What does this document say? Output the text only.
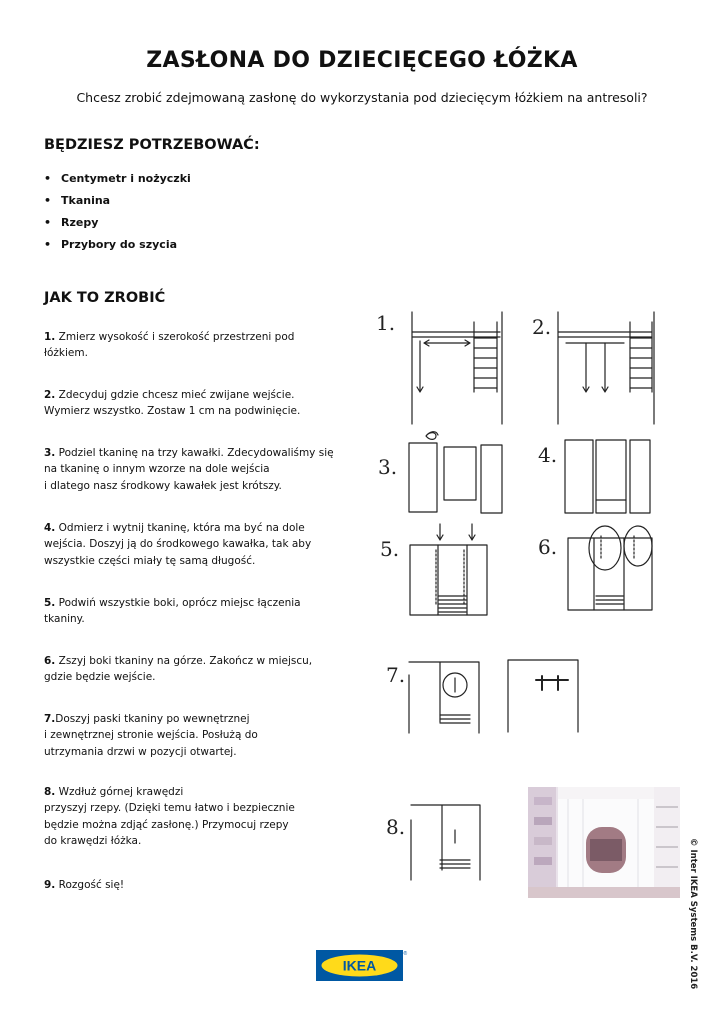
ZASŁONA DO DZIECIĘCEGO ŁÓŻKA

Chcesz zrobić zdejmowaną zasłonę do wykorzystania pod dziecięcym łóżkiem na antresoli?

BĘDZIESZ POTRZEBOWAĆ:
• Centymetr i nożyczki
• Tkanina
• Rzepy
• Przybory do szycia
JAK TO ZROBIĆ
1. Zmierz wysokość i szerokość przestrzeni pod
łóżkiem.
2. Zdecyduj gdzie chcesz mieć zwijane wejście.
Wymierz wszystko. Zostaw 1 cm na podwinięcie.
3. Podziel tkaninę na trzy kawałki. Zdecydowaliśmy się
na tkaninę o innym wzorze na dole wejścia
i dlatego nasz środkowy kawałek jest krótszy.
4. Odmierz i wytnij tkaninę, która ma być na dole
wejścia. Doszyj ją do środkowego kawałka, tak aby
wszystkie części miały tę samą długość.
5. Podwiń wszystkie boki, oprócz miejsc łączenia
tkaniny.
6. Zszyj boki tkaniny na górze. Zakończ w miejscu,
gdzie będzie wejście.
7.Doszyj paski tkaniny po wewnętrznej
i zewnętrznej stronie wejścia. Posłużą do
utrzymania drzwi w pozycji otwartej.
8. Wzdłuż górnej krawędzi
przyszyj rzepy. (Dzięki temu łatwo i bezpiecznie
będzie można zdjąć zasłonę.) Przymocuj rzepy
do krawędzi łóżka.
9. Rozgość się!
1.	2.
3.	4.
5.	6.
7.
8.
© Inter IKEA Systems B.V. 2016
IKEA
®
